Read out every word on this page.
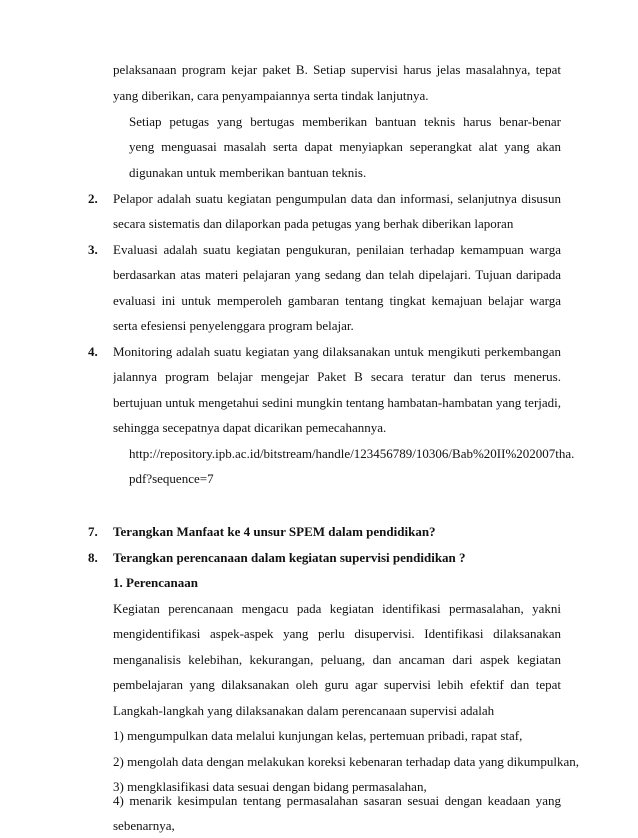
pelaksanaan program kejar paket B. Setiap supervisi harus jelas masalahnya, tepat
yang diberikan, cara penyampaiannya serta tindak lanjutnya.
Setiap petugas yang bertugas memberikan bantuan teknis harus benar-benar
yeng menguasai masalah serta dapat menyiapkan seperangkat alat yang akan
digunakan untuk memberikan bantuan teknis.
2. Pelapor adalah suatu kegiatan pengumpulan data dan informasi, selanjutnya disusun
secara sistematis dan dilaporkan pada petugas yang berhak diberikan laporan
3. Evaluasi adalah suatu kegiatan pengukuran, penilaian terhadap kemampuan warga
berdasarkan atas materi pelajaran yang sedang dan telah dipelajari. Tujuan daripada
evaluasi ini untuk memperoleh gambaran tentang tingkat kemajuan belajar warga
serta efesiensi penyelenggara program belajar.
4. Monitoring adalah suatu kegiatan yang dilaksanakan untuk mengikuti perkembangan
jalannya program belajar mengejar Paket B secara teratur dan terus menerus.
bertujuan untuk mengetahui sedini mungkin tentang hambatan-hambatan yang terjadi,
sehingga secepatnya dapat dicarikan pemecahannya.
http://repository.ipb.ac.id/bitstream/handle/123456789/10306/Bab%20II%202007tha.
pdf?sequence=7
7. Terangkan Manfaat ke 4 unsur SPEM dalam pendidikan?
8. Terangkan perencanaan dalam kegiatan supervisi pendidikan ?
1. Perencanaan
Kegiatan perencanaan mengacu pada kegiatan identifikasi permasalahan, yakni
mengidentifikasi aspek-aspek yang perlu disupervisi. Identifikasi dilaksanakan
menganalisis kelebihan, kekurangan, peluang, dan ancaman dari aspek kegiatan
pembelajaran yang dilaksanakan oleh guru agar supervisi lebih efektif dan tepat
Langkah-langkah yang dilaksanakan dalam perencanaan supervisi adalah
1) mengumpulkan data melalui kunjungan kelas, pertemuan pribadi, rapat staf,
2) mengolah data dengan melakukan koreksi kebenaran terhadap data yang dikumpulkan,
3) mengklasifikasi data sesuai dengan bidang permasalahan,
4) menarik kesimpulan tentang permasalahan sasaran sesuai dengan keadaan yang
sebenarnya,
